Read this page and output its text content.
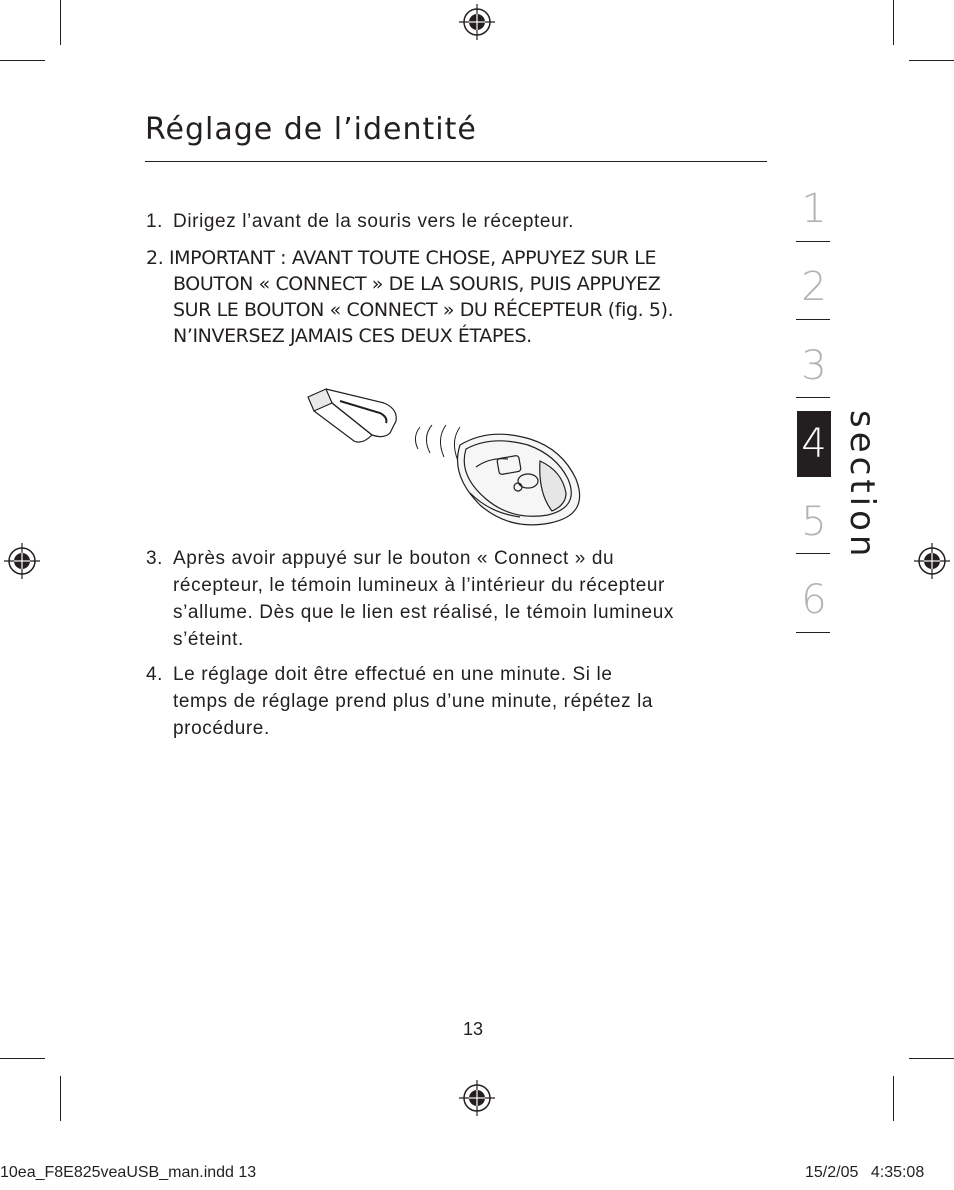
Réglage de l’identité
1. Dirigez l’avant de la souris vers le récepteur.
2. IMPORTANT : AVANT TOUTE CHOSE, APPUYEZ SUR LE
BOUTON « CONNECT » DE LA SOURIS, PUIS APPUYEZ
SUR LE BOUTON « CONNECT » DU RÉCEPTEUR (fig. 5).
N’INVERSEZ JAMAIS CES DEUX ÉTAPES.
3. Après avoir appuyé sur le bouton « Connect » du
récepteur, le témoin lumineux à l’intérieur du récepteur
s’allume. Dès que le lien est réalisé, le témoin lumineux
s’éteint.
4. Le réglage doit être effectué en une minute. Si le
temps de réglage prend plus d’une minute, répétez la
procédure.
1
2
3
4
5
6
section
13
10ea_F8E825veaUSB_man.indd 13	15/2/05 4:35:08
